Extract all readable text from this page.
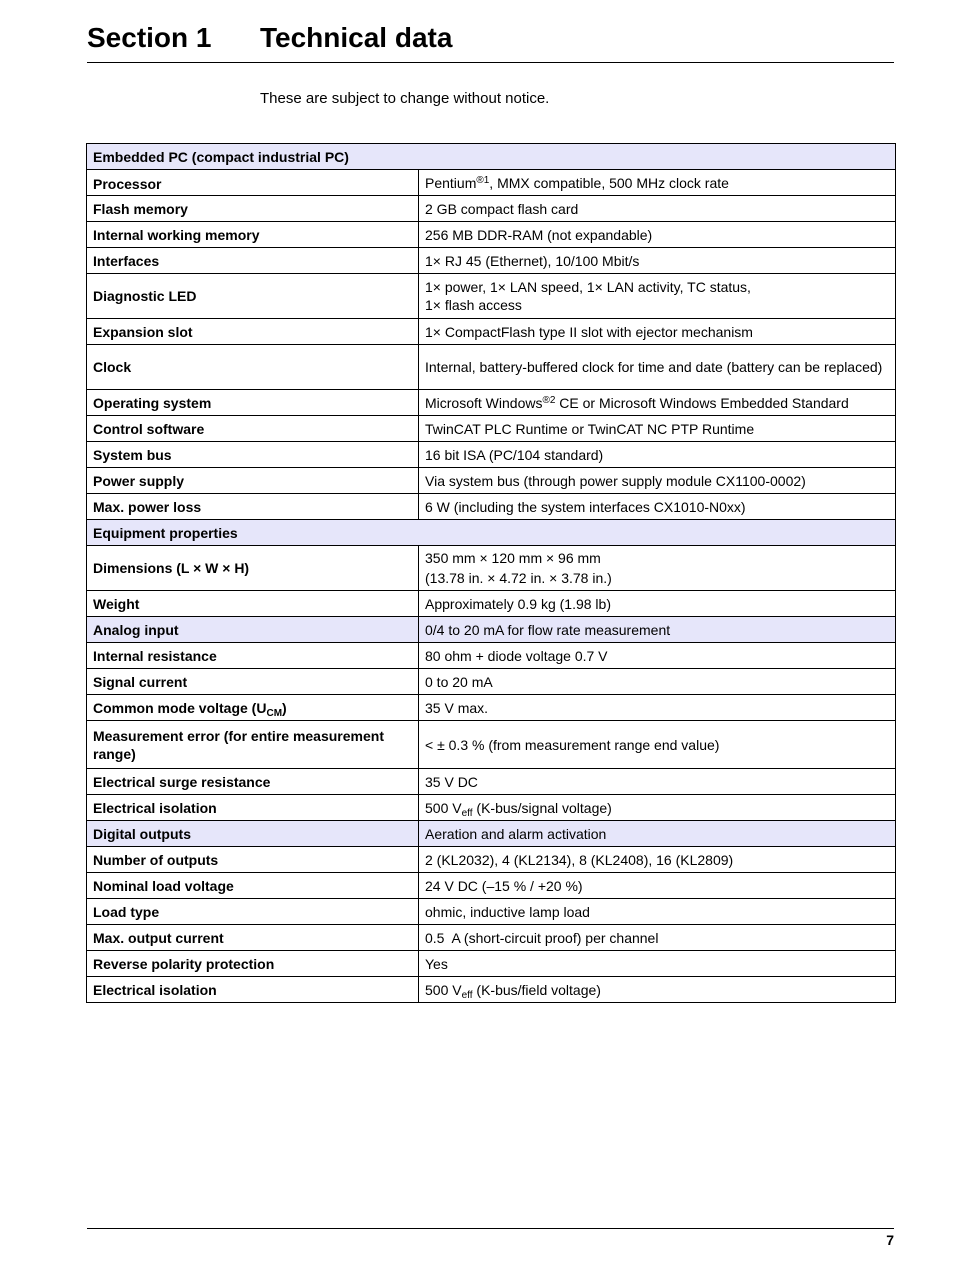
Section 1 Technical data
These are subject to change without notice.
Embedded PC (compact industrial PC)	
Processor	Pentium$^{®1}$, MMX compatible, 500 MHz clock rate
Flash memory	2 GB compact flash card
Internal working memory	256 MB DDR-RAM (not expandable)
Interfaces	1× RJ 45 (Ethernet), 10/100 Mbit/s
Diagnostic LED	1× power, 1× LAN speed, 1× LAN activity, TC status,
1× flash access
Expansion slot	1× CompactFlash type II slot with ejector mechanism
Clock	Internal, battery-buffered clock for time and date (battery can be replaced)
Operating system	Microsoft Windows$^{®2}$ CE or Microsoft Windows Embedded Standard
Control software	TwinCAT PLC Runtime or TwinCAT NC PTP Runtime
System bus	16 bit ISA (PC/104 standard)
Power supply	Via system bus (through power supply module CX1100-0002)
Max. power loss	6 W (including the system interfaces CX1010-N0xx)
Equipment properties	
Dimensions (L × W × H)	350 mm × 120 mm × 96 mm
(13.78 in. × 4.72 in. × 3.78 in.)
Weight	Approximately 0.9 kg (1.98 lb)
Analog input	0/4 to 20 mA for flow rate measurement
Internal resistance	80 ohm + diode voltage 0.7 V
Signal current	0 to 20 mA
Common mode voltage $(U_{CM})$	35 V max.
Measurement error (for entire measurement range)	< ± 0.3 % (from measurement range end value)
Electrical surge resistance	35 V DC
Electrical isolation	500 $V_{eff}$ (K-bus/signal voltage)
Digital outputs	Aeration and alarm activation
Number of outputs	2 (KL2032), 4 (KL2134), 8 (KL2408), 16 (KL2809)
Nominal load voltage	24 V DC (–15 % / +20 %)
Load type	ohmic, inductive lamp load
Max. output current	0.5  A (short-circuit proof) per channel
Reverse polarity protection	Yes
Electrical isolation	500 $V_{eff}$ (K-bus/field voltage)
7
